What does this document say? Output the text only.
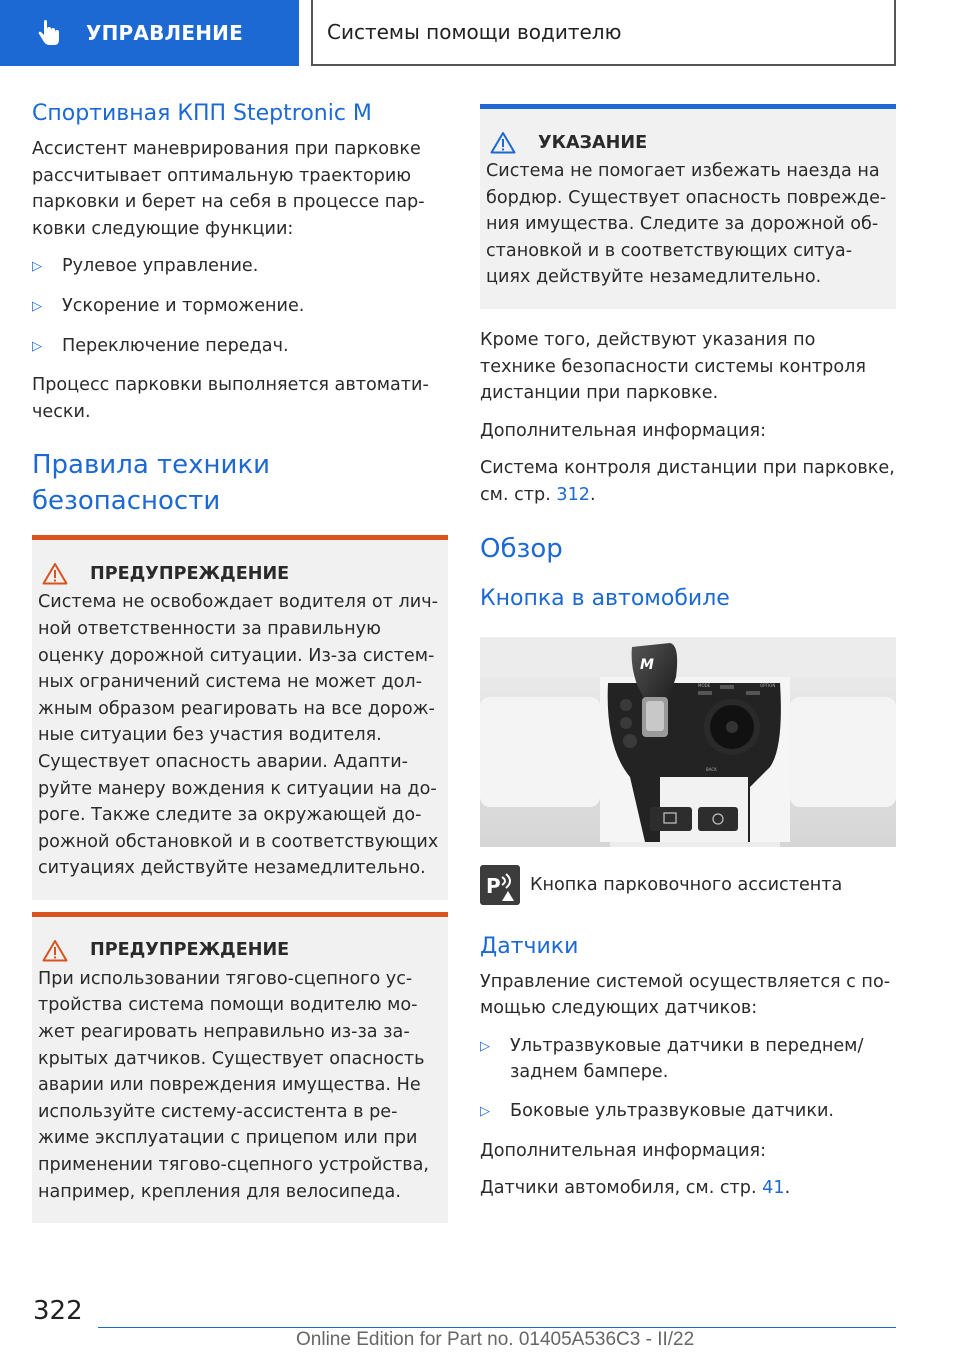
УПРАВЛЕНИЕ	Системы помощи водителю
Спортивная КПП Steptronic M

Ассистент маневрирования при парковке рассчитывает оптимальную траекторию парковки и берет на себя в процессе пар- ковки следующие функции:

▷	Рулевое управление.
▷	Ускорение и торможение.
▷	Переключение передач.

Процесс парковки выполняется автомати- чески.

Правила техники безопасности
ПРЕДУПРЕЖДЕНИЕ

Система не освобождает водителя от лич- ной ответственности за правильную оценку дорожной ситуации. Из-за систем- ных ограничений система не может дол- жным образом реагировать на все дорож- ные ситуации без участия водителя. Существует опасность аварии. Адапти- руйте манеру вождения к ситуации на до- роге. Также следите за окружающей до- рожной обстановкой и в соответствующих ситуациях действуйте незамедлительно.

ПРЕДУПРЕЖДЕНИЕ

При использовании тягово-сцепного ус- тройства система помощи водителю мо- жет реагировать неправильно из-за за- крытых датчиков. Существует опасность аварии или повреждения имущества. Не используйте систему-ассистента в ре- жиме эксплуатации с прицепом или при применении тягово-сцепного устройства, например, крепления для велосипеда.

УКАЗАНИЕ

Система не помогает избежать наезда на бордюр. Существует опасность поврежде- ния имущества. Следите за дорожной об- становкой и в соответствующих ситуа- циях действуйте незамедлительно.

Кроме того, действуют указания по технике безопасности системы контроля дистанции при парковке.

Дополнительная информация:

Система контроля дистанции при парковке, см. стр. 312.

Обзор
Кнопка в автомобиле
M
MODE	OPTION
BACK
P Кнопка парковочного ассистента
Датчики

Управление системой осуществляется с по- мощью следующих датчиков:

▷	Ультразвуковые датчики в переднем/ заднем бампере.
▷	Боковые ультразвуковые датчики.

Дополнительная информация:

Датчики автомобиля, см. стр. 41.

322
Online Edition for Part no. 01405A536C3 - II/22
